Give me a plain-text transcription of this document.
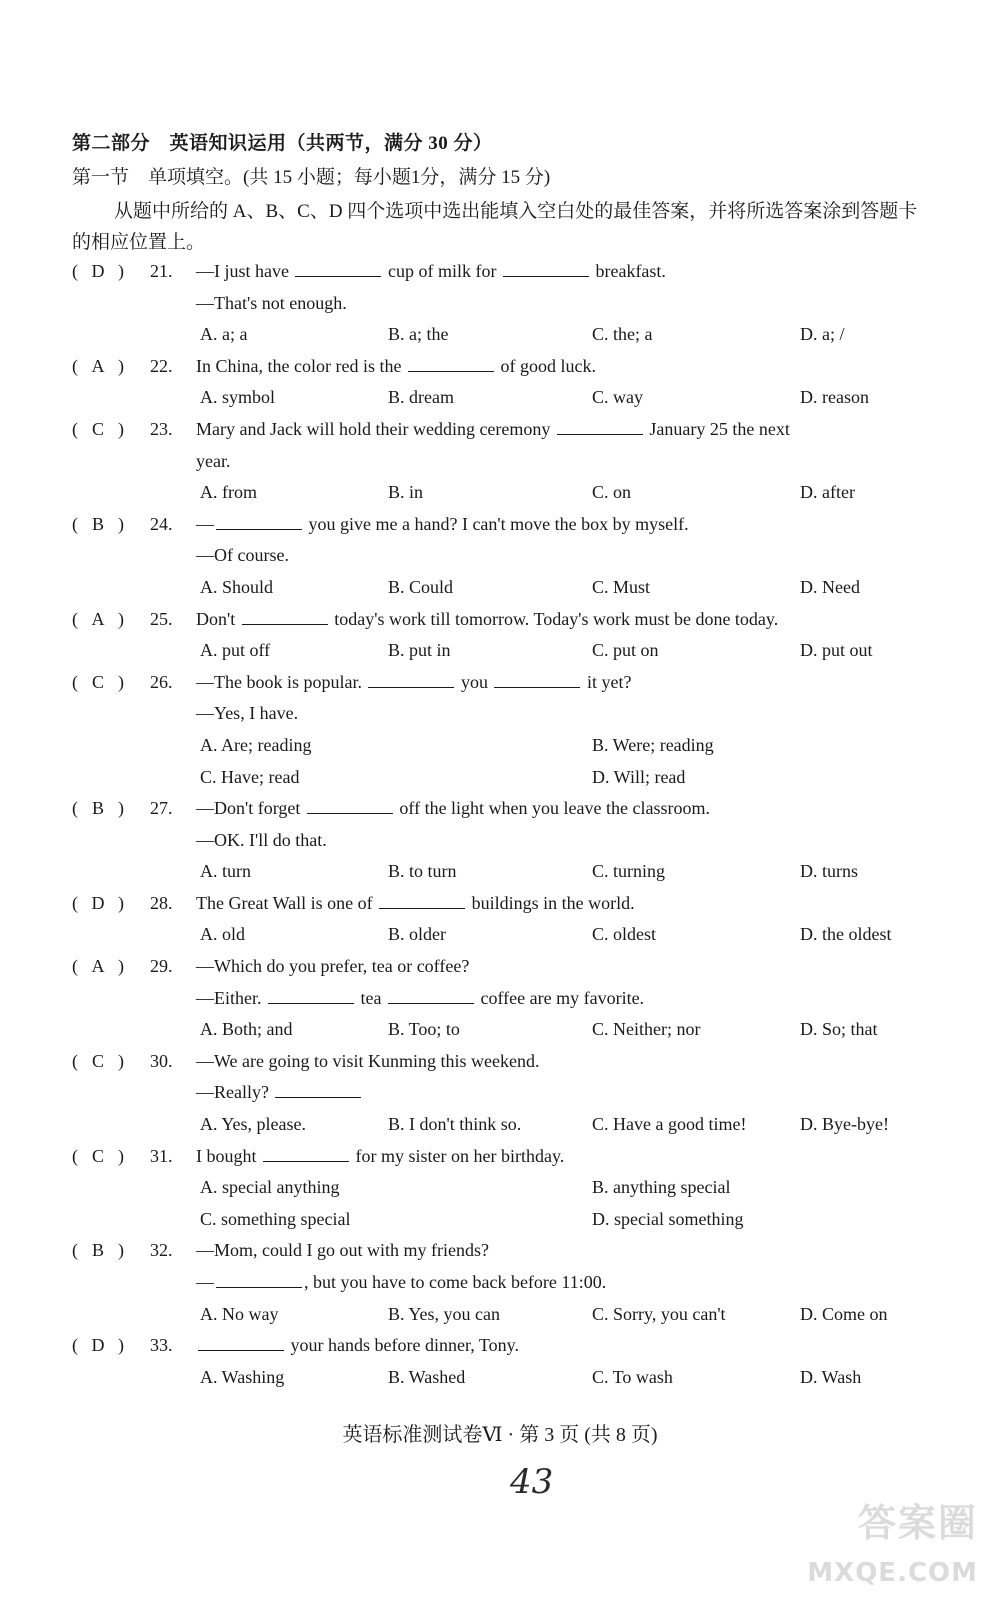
第二部分　英语知识运用（共两节，满分 30 分）
第一节　单项填空。(共 15 小题；每小题1分，满分 15 分)
从题中所给的 A、B、C、D 四个选项中选出能填入空白处的最佳答案，并将所选答案涂到答题卡的相应位置上。
( D )	21. —I just have	cup of milk for	breakfast.
—That's not enough.
A. a; a	B. a; the	C. the; a	D. a; /
( A )	22. In China, the color red is the	of good luck.
A. symbol	B. dream	C. way	D. reason
( C )	23. Mary and Jack will hold their wedding ceremony	January 25 the next
year.
A. from	B. in	C. on	D. after
( B )	24. —	you give me a hand? I can't move the box by myself.
—Of course.
A. Should	B. Could	C. Must	D. Need
( A )	25. Don't	today's work till tomorrow. Today's work must be done today.
A. put off	B. put in	C. put on	D. put out
( C )	26. —The book is popular.	you	it yet?
—Yes, I have.
A. Are; reading	B. Were; reading
C. Have; read	D. Will; read
( B )	27. —Don't forget	off the light when you leave the classroom.
—OK. I'll do that.
A. turn	B. to turn	C. turning	D. turns
( D )	28. The Great Wall is one of	buildings in the world.
A. old	B. older	C. oldest	D. the oldest
( A )	29. —Which do you prefer, tea or coffee?
—Either.	tea	coffee are my favorite.
A. Both; and	B. Too; to	C. Neither; nor	D. So; that
( C )	30. —We are going to visit Kunming this weekend.
—Really?
A. Yes, please.	B. I don't think so.	C. Have a good time!	D. Bye-bye!
( C )	31. I bought	for my sister on her birthday.
A. special anything	B. anything special
C. something special	D. special something
( B )	32. —Mom, could I go out with my friends?
—	, but you have to come back before 11:00.
A. No way	B. Yes, you can	C. Sorry, you can't	D. Come on
( D )	33.	your hands before dinner, Tony.
A. Washing	B. Washed	C. To wash	D. Wash
英语标准测试卷Ⅵ · 第 3 页 (共 8 页)
43
答案圈
MXQE.COM
